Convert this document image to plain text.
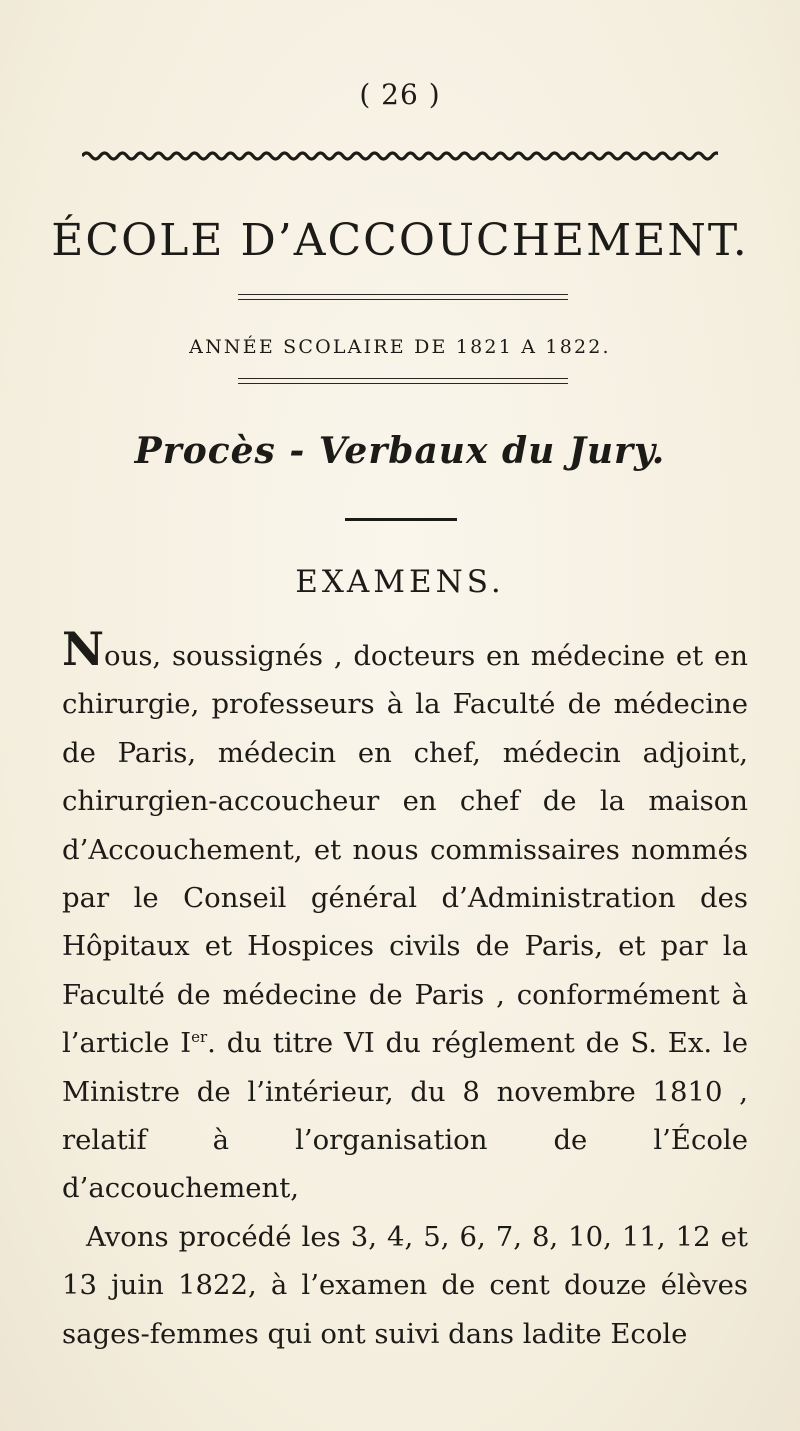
( 26 )
ÉCOLE D’ACCOUCHEMENT.
ANNÉE SCOLAIRE DE 1821 A 1822.
Procès - Verbaux du Jury.
EXAMENS.

Nous, soussignés , docteurs en médecine et en chirurgie, professeurs à la Faculté de médecine de Paris, médecin en chef, médecin adjoint, chirurgien-accoucheur en chef de la maison d’Accouchement, et nous commissaires nommés par le Conseil général d’Administration des Hôpitaux et Hospices civils de Paris, et par la Faculté de médecine de Paris , conformément à l’article Ier. du titre VI du réglement de S. Ex. le Ministre de l’intérieur, du 8 novembre 1810 , relatif à l’organisation de l’École d’accouchement,

Avons procédé les 3, 4, 5, 6, 7, 8, 10, 11, 12 et 13 juin 1822, à l’examen de cent douze élèves sages-femmes qui ont suivi dans ladite Ecole
